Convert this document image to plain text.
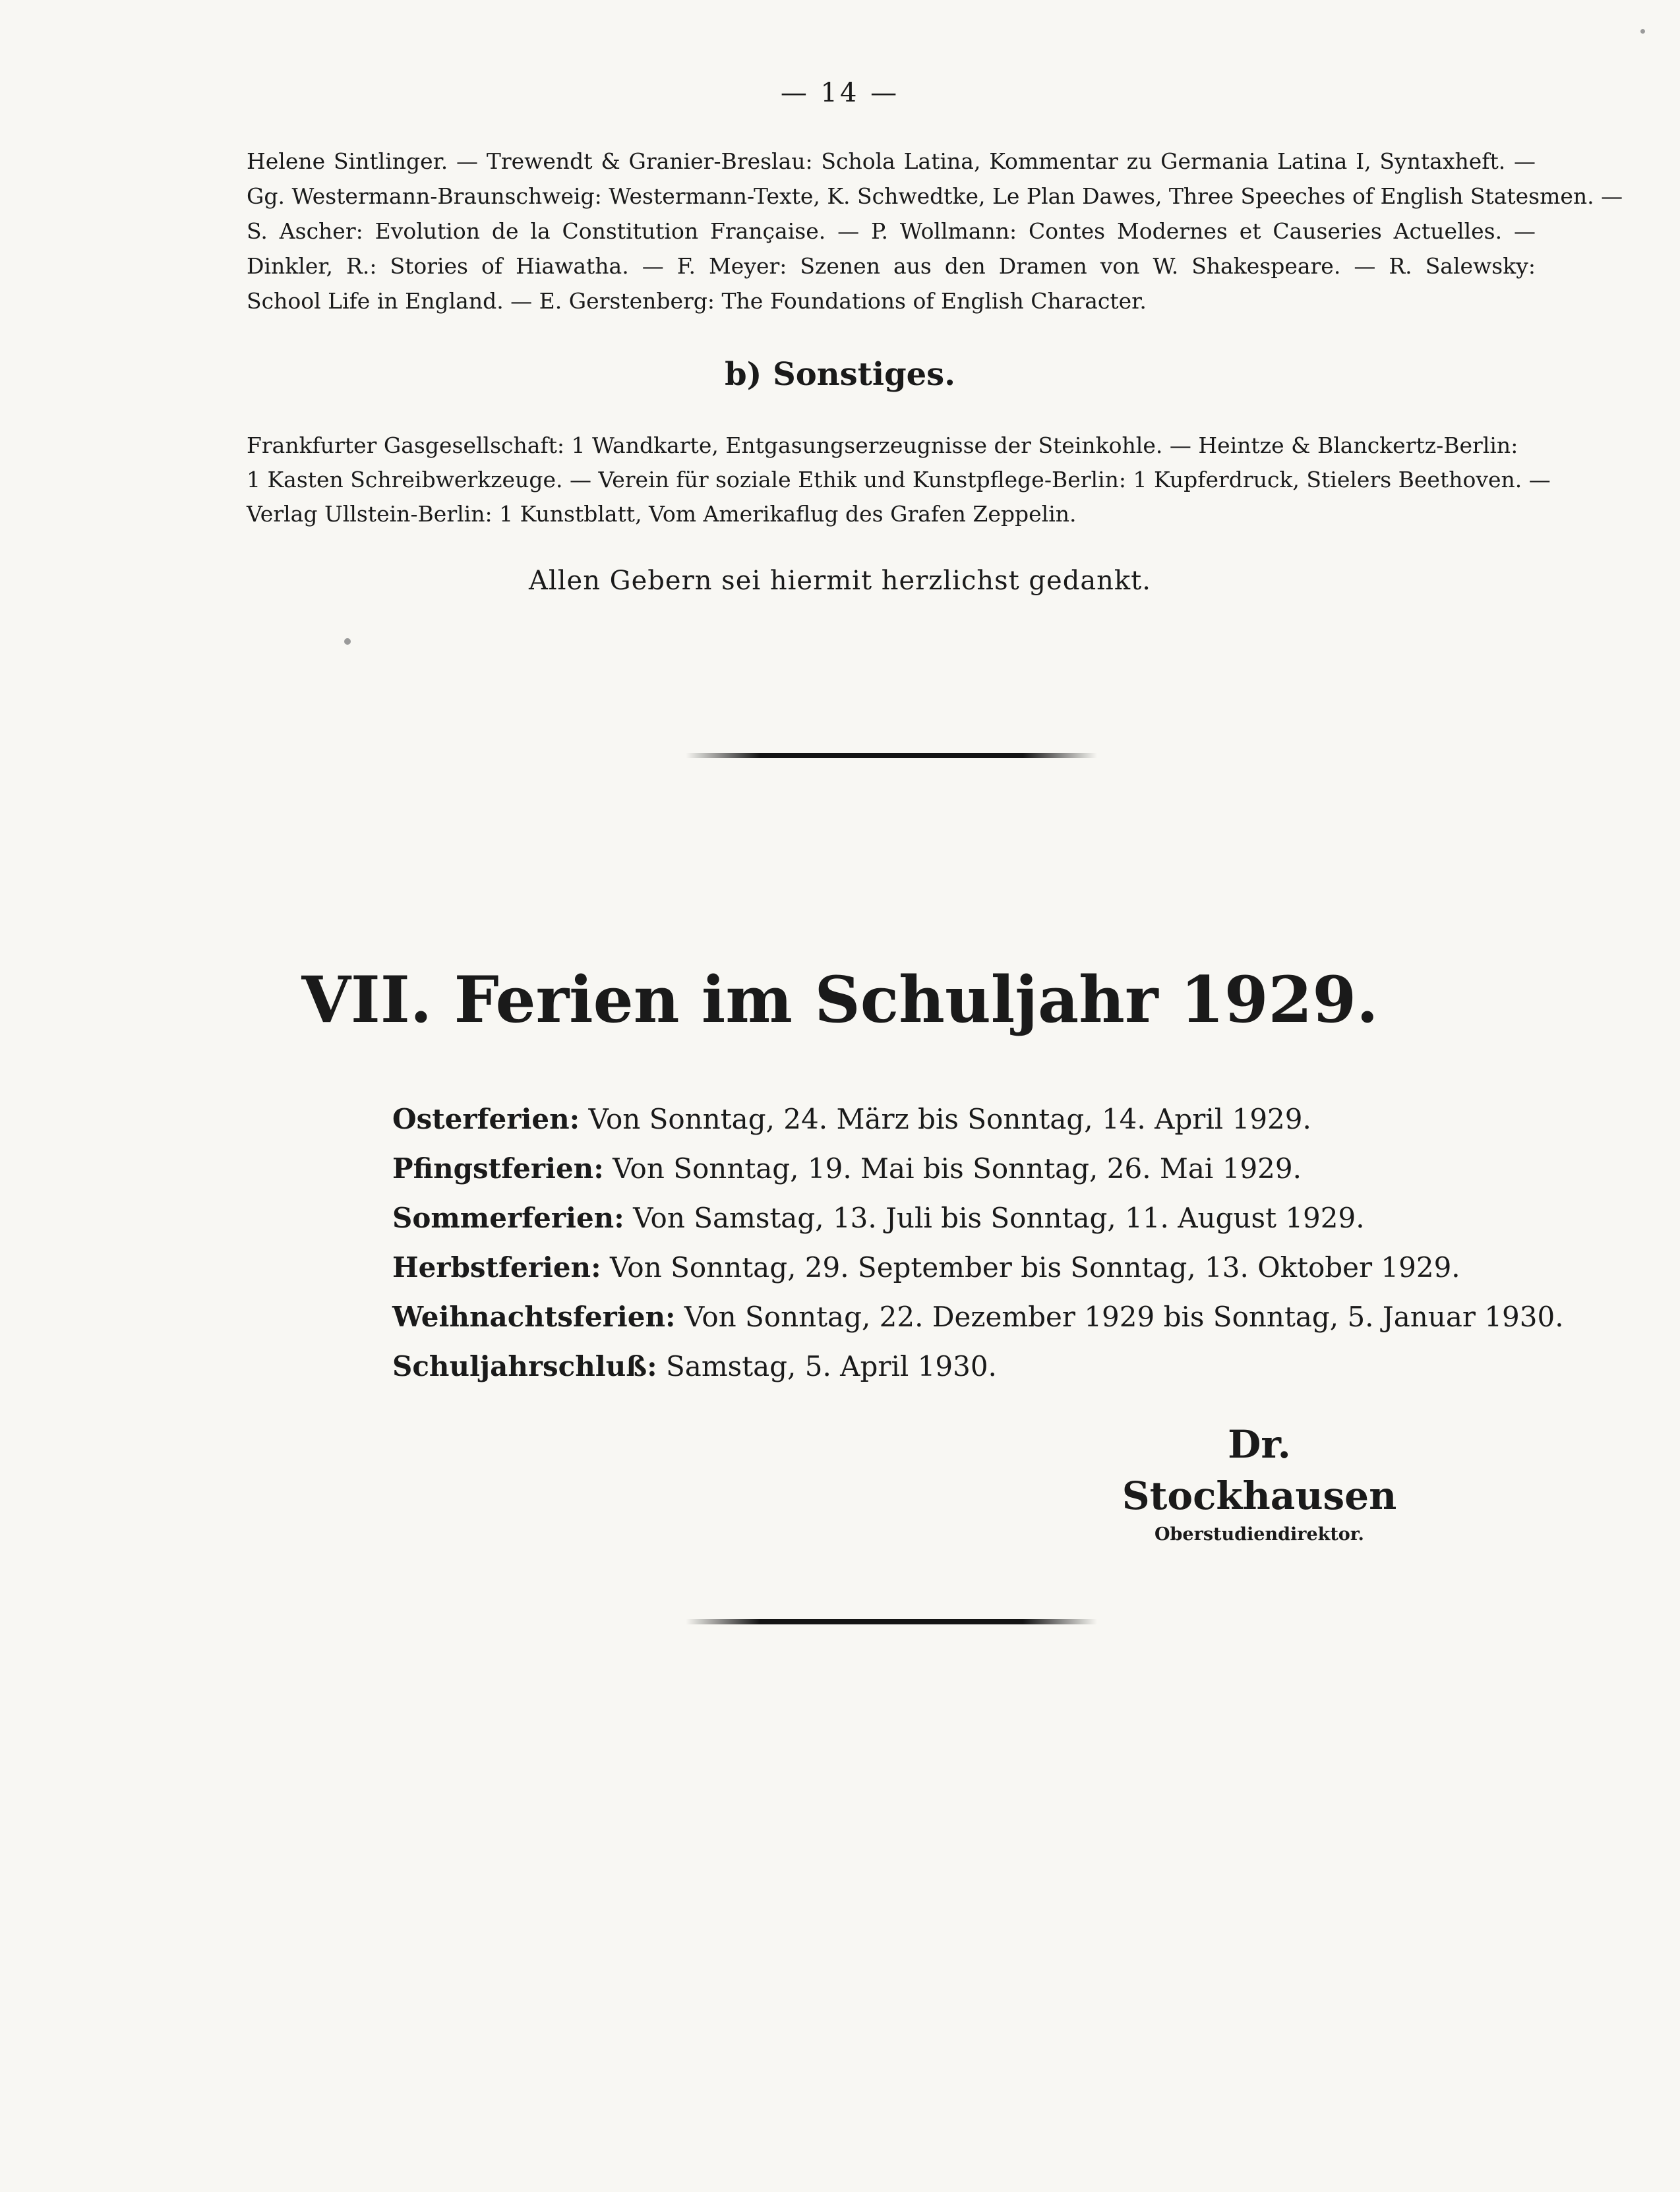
— 14 —
Helene Sintlinger. — Trewendt & Granier-Breslau: Schola Latina, Kommentar zu Germania Latina I, Syntaxheft. —
Gg. Westermann-Braunschweig: Westermann-Texte, K. Schwedtke, Le Plan Dawes, Three Speeches of English Statesmen. —
S. Ascher: Evolution de la Constitution Française. — P. Wollmann: Contes Modernes et Causeries Actuelles. —
Dinkler, R.: Stories of Hiawatha. — F. Meyer: Szenen aus den Dramen von W. Shakespeare. — R. Salewsky:
School Life in England. — E. Gerstenberg: The Foundations of English Character.
b) Sonstiges.
Frankfurter Gasgesellschaft: 1 Wandkarte, Entgasungserzeugnisse der Steinkohle. — Heintze & Blanckertz-Berlin:
1 Kasten Schreibwerkzeuge. — Verein für soziale Ethik und Kunstpflege-Berlin: 1 Kupferdruck, Stielers Beethoven. —
Verlag Ullstein-Berlin: 1 Kunstblatt, Vom Amerikaflug des Grafen Zeppelin.
Allen Gebern sei hiermit herzlichst gedankt.
VII. Ferien im Schuljahr 1929.
Osterferien: Von Sonntag, 24. März bis Sonntag, 14. April 1929.
Pfingstferien: Von Sonntag, 19. Mai bis Sonntag, 26. Mai 1929.
Sommerferien: Von Samstag, 13. Juli bis Sonntag, 11. August 1929.
Herbstferien: Von Sonntag, 29. September bis Sonntag, 13. Oktober 1929.
Weihnachtsferien: Von Sonntag, 22. Dezember 1929 bis Sonntag, 5. Januar 1930.
Schuljahrschluß: Samstag, 5. April 1930.
Dr. Stockhausen
Oberstudiendirektor.
